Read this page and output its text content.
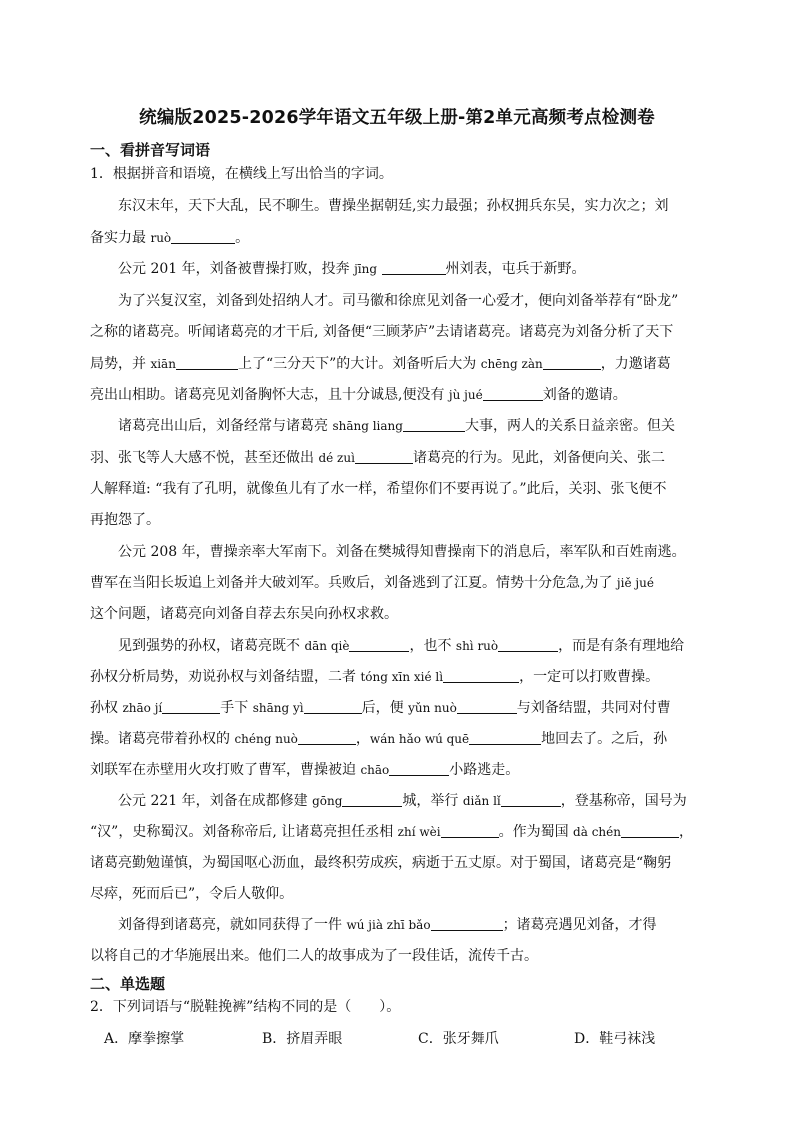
统编版2025-2026学年语文五年级上册-第2单元高频考点检测卷
一、看拼音写词语
1．根据拼音和语境，在横线上写出恰当的字词。
东汉末年，天下大乱，民不聊生。曹操坐据朝廷,实力最强；孙权拥兵东吴，实力次之；刘
备实力最 ruò	。
公元 201 年，刘备被曹操打败，投奔 jīng	州刘表，屯兵于新野。
为了兴复汉室，刘备到处招纳人才。司马徽和徐庶见刘备一心爱才，便向刘备举荐有“卧龙”
之称的诸葛亮。听闻诸葛亮的才干后, 刘备便“三顾茅庐”去请诸葛亮。诸葛亮为刘备分析了天下
局势，并 xiān	上了“三分天下”的大计。刘备听后大为 chēng zàn	，力邀诸葛
亮出山相助。诸葛亮见刘备胸怀大志，且十分诚恳,便没有 jù jué	刘备的邀请。
诸葛亮出山后，刘备经常与诸葛亮 shāng liang	大事，两人的关系日益亲密。但关
羽、张飞等人大感不悦，甚至还做出 dé zuì	诸葛亮的行为。见此，刘备便向关、张二
人解释道: “我有了孔明，就像鱼儿有了水一样，希望你们不要再说了。”此后，关羽、张飞便不
再抱怨了。
公元 208 年，曹操亲率大军南下。刘备在樊城得知曹操南下的消息后，率军队和百姓南逃。
曹军在当阳长坂追上刘备并大破刘军。兵败后，刘备逃到了江夏。情势十分危急,为了 jiě jué
这个问题，诸葛亮向刘备自荐去东吴向孙权求救。
见到强势的孙权，诸葛亮既不 dān qiè	，也不 shì ruò	，而是有条有理地给
孙权分析局势，劝说孙权与刘备结盟，二者 tóng xīn xié lì	，一定可以打败曹操。
孙权 zhāo jí	手下 shāng yì	后，便 yǔn nuò	与刘备结盟，共同对付曹
操。诸葛亮带着孙权的 chéng nuò	，wán hǎo wú quē	地回去了。之后，孙
刘联军在赤壁用火攻打败了曹军，曹操被迫 chāo	小路逃走。
公元 221 年，刘备在成都修建 gōng	城，举行 diǎn lǐ	，登基称帝，国号为
“汉”，史称蜀汉。刘备称帝后, 让诸葛亮担任丞相 zhí wèi	。作为蜀国 dà chén	，
诸葛亮勤勉谨慎，为蜀国呕心沥血，最终积劳成疾，病逝于五丈原。对于蜀国，诸葛亮是“鞠躬
尽瘁，死而后已”，令后人敬仰。
刘备得到诸葛亮，就如同获得了一件 wú jià zhī bǎo	；诸葛亮遇见刘备，才得
以将自己的才华施展出来。他们二人的故事成为了一段佳话，流传千古。
二、单选题
2．下列词语与“脱鞋挽裤”结构不同的是（　　）。
A．摩拳擦掌	B．挤眉弄眼	C．张牙舞爪	D．鞋弓袜浅
